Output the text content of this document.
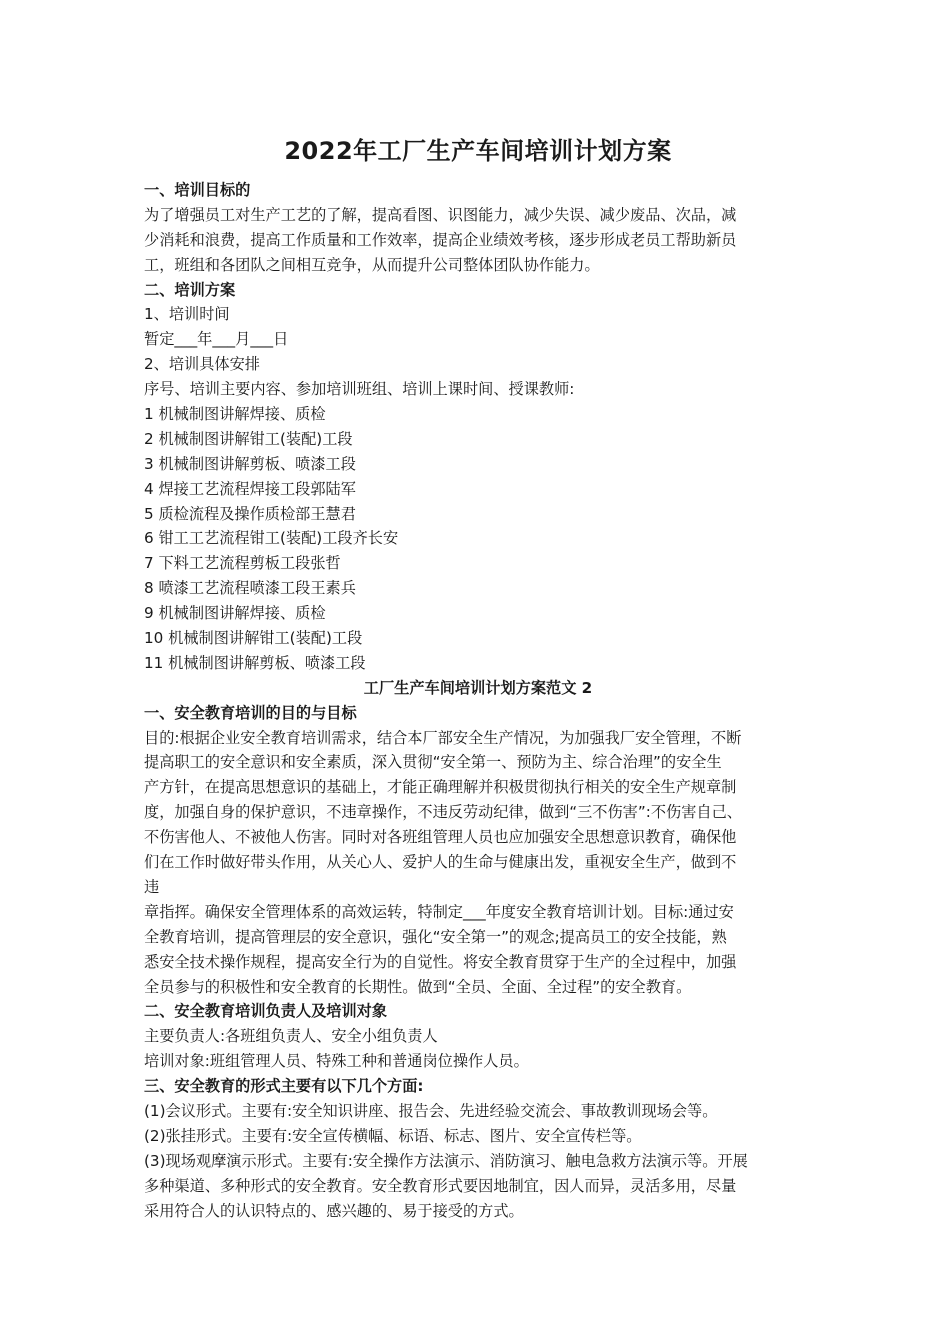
2022年工厂生产车间培训计划方案

一、培训目标的

为了增强员工对生产工艺的了解，提高看图、识图能力，减少失误、减少废品、次品，减

少消耗和浪费，提高工作质量和工作效率，提高企业绩效考核，逐步形成老员工帮助新员

工，班组和各团队之间相互竞争，从而提升公司整体团队协作能力。

二、培训方案

1、培训时间

暂定___年___月___日

2、培训具体安排

序号、培训主要内容、参加培训班组、培训上课时间、授课教师:

1 机械制图讲解焊接、质检

2 机械制图讲解钳工(装配)工段

3 机械制图讲解剪板、喷漆工段

4 焊接工艺流程焊接工段郭陆军

5 质检流程及操作质检部王慧君

6 钳工工艺流程钳工(装配)工段齐长安

7 下料工艺流程剪板工段张哲

8 喷漆工艺流程喷漆工段王素兵

9 机械制图讲解焊接、质检

10 机械制图讲解钳工(装配)工段

11 机械制图讲解剪板、喷漆工段

工厂生产车间培训计划方案范文 2

一、安全教育培训的目的与目标

目的:根据企业安全教育培训需求，结合本厂部安全生产情况，为加强我厂安全管理，不断

提高职工的安全意识和安全素质，深入贯彻“安全第一、预防为主、综合治理”的安全生

产方针，在提高思想意识的基础上，才能正确理解并积极贯彻执行相关的安全生产规章制

度，加强自身的保护意识，不违章操作，不违反劳动纪律，做到“三不伤害”:不伤害自己、

不伤害他人、不被他人伤害。同时对各班组管理人员也应加强安全思想意识教育，确保他

们在工作时做好带头作用，从关心人、爱护人的生命与健康出发，重视安全生产，做到不

违

章指挥。确保安全管理体系的高效运转，特制定___年度安全教育培训计划。目标:通过安

全教育培训，提高管理层的安全意识，强化“安全第一”的观念;提高员工的安全技能，熟

悉安全技术操作规程，提高安全行为的自觉性。将安全教育贯穿于生产的全过程中，加强

全员参与的积极性和安全教育的长期性。做到“全员、全面、全过程”的安全教育。

二、安全教育培训负责人及培训对象

主要负责人:各班组负责人、安全小组负责人

培训对象:班组管理人员、特殊工种和普通岗位操作人员。

三、安全教育的形式主要有以下几个方面:

(1)会议形式。主要有:安全知识讲座、报告会、先进经验交流会、事故教训现场会等。

(2)张挂形式。主要有:安全宣传横幅、标语、标志、图片、安全宣传栏等。

(3)现场观摩演示形式。主要有:安全操作方法演示、消防演习、触电急救方法演示等。开展

多种渠道、多种形式的安全教育。安全教育形式要因地制宜，因人而异，灵活多用，尽量

采用符合人的认识特点的、感兴趣的、易于接受的方式。
